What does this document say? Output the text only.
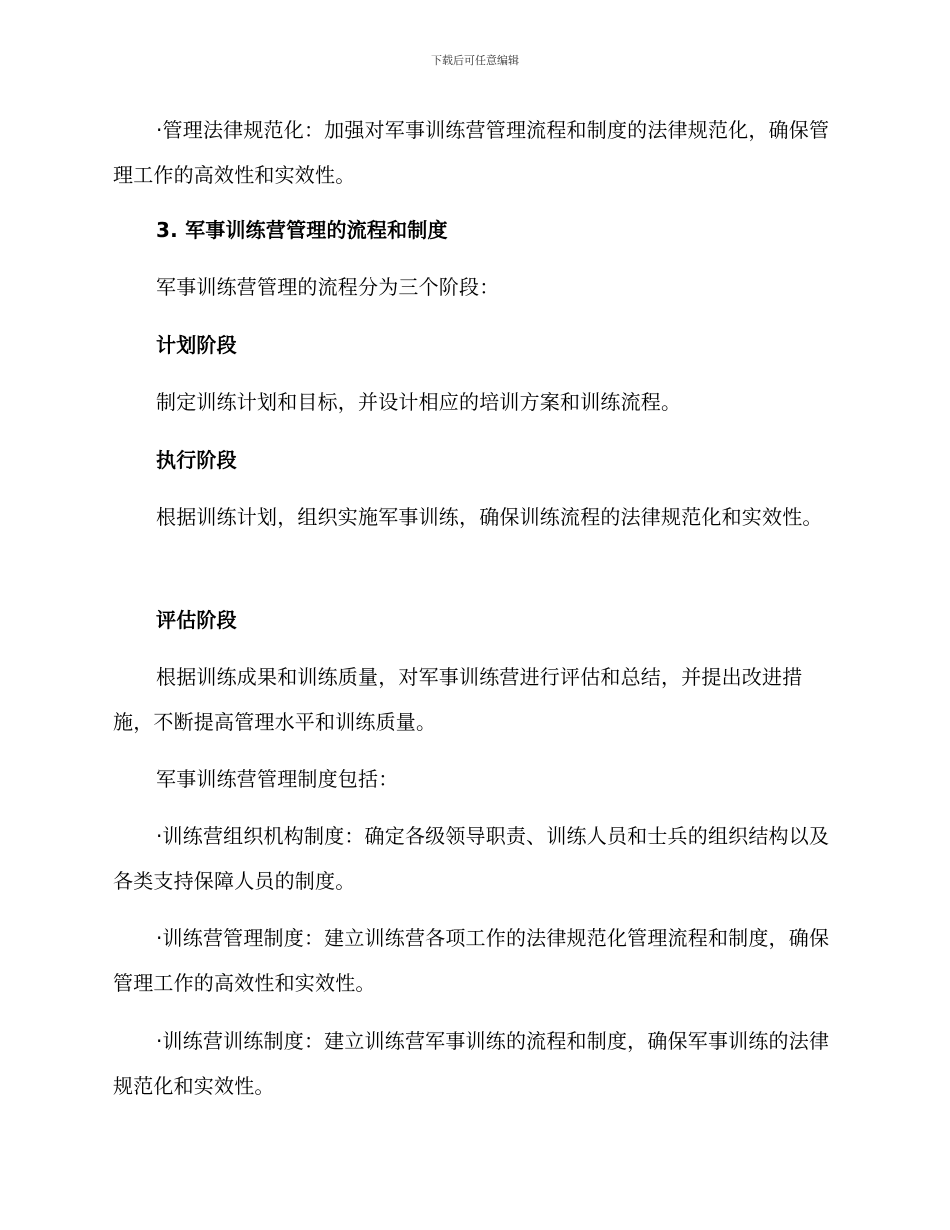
下载后可任意编辑

·管理法律规范化：加强对军事训练营管理流程和制度的法律规范化，确保管理工作的高效性和实效性。

3. 军事训练营管理的流程和制度

军事训练营管理的流程分为三个阶段：

计划阶段

制定训练计划和目标，并设计相应的培训方案和训练流程。

执行阶段

根据训练计划，组织实施军事训练，确保训练流程的法律规范化和实效性。

评估阶段

根据训练成果和训练质量，对军事训练营进行评估和总结，并提出改进措施，不断提高管理水平和训练质量。

军事训练营管理制度包括：

·训练营组织机构制度：确定各级领导职责、训练人员和士兵的组织结构以及各类支持保障人员的制度。

·训练营管理制度：建立训练营各项工作的法律规范化管理流程和制度，确保管理工作的高效性和实效性。

·训练营训练制度：建立训练营军事训练的流程和制度，确保军事训练的法律规范化和实效性。
